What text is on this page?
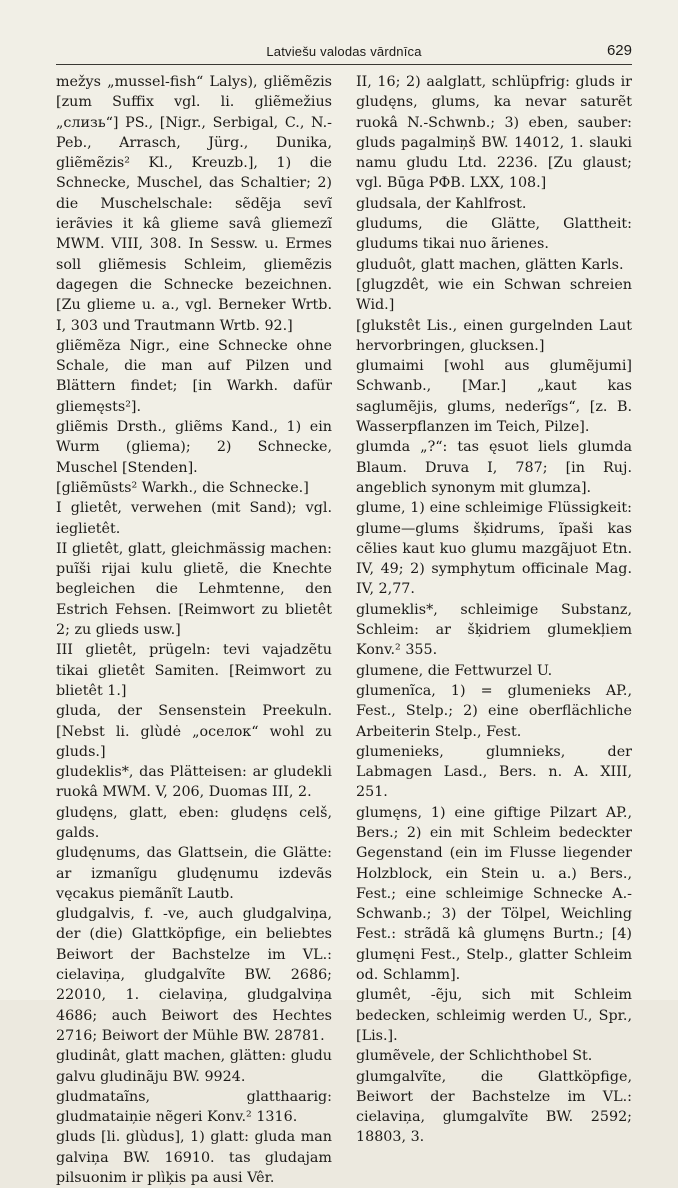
Latviešu valodas vārdnīca	629

mežys „mussel-fish“ Lalys), gliẽmẽzis [zum Suffix vgl. li. gliẽmežius „слизь“] PS., [Nigr., Serbigal, C., N.-Peb., Arrasch, Jürg., Dunika, gliẽmẽzis² Kl., Kreuzb.], 1) die Schnecke, Muschel, das Schaltier; 2) die Muschelschale: sẽdẽja sevĩ ierãvies it kâ glieme savâ gliemezĩ MWM. VIII, 308. In Sessw. u. Ermes soll gliẽmesis Schleim, gliemẽzis dagegen die Schnecke bezeichnen. [Zu glieme u. a., vgl. Berneker Wrtb. I, 303 und Trautmann Wrtb. 92.]

gliẽmẽza Nigr., eine Schnecke ohne Schale, die man auf Pilzen und Blättern findet; [in Warkh. dafür gliemęsts²].

gliẽmis Drsth., gliẽms Kand., 1) ein Wurm (gliema); 2) Schnecke, Muschel [Stenden].

[gliẽmũsts² Warkh., die Schnecke.]

I glietêt, verwehen (mit Sand); vgl. ieglietêt.

II glietêt, glatt, gleichmässig machen: puĩši rijai kulu glietẽ, die Knechte begleichen die Lehmtenne, den Estrich Fehsen. [Reimwort zu blietêt 2; zu glieds usw.]

III glietêt, prügeln: tevi vajadzẽtu tikai glietêt Samiten. [Reimwort zu blietêt 1.]

gluda, der Sensenstein Preekuln. [Nebst li. glùdė „оселок“ wohl zu gluds.]

gludeklis*, das Plätteisen: ar gludekli ruokâ MWM. V, 206, Duomas III, 2.

gludęns, glatt, eben: gludęns celš, galds.

gludęnums, das Glattsein, die Glätte: ar izmanĩgu gludęnumu izdevãs vęcakus piemãnĩt Lautb.

gludgalvis, f. -ve, auch gludgalviņa, der (die) Glattköpfige, ein beliebtes Beiwort der Bachstelze im VL.: cielaviņa, gludgalvĩte BW. 2686; 22010, 1. cielaviņa, gludgalviņa 4686; auch Beiwort des Hechtes 2716; Beiwort der Mühle BW. 28781.

gludinât, glatt machen, glätten: gludu galvu gludinãju BW. 9924.

gludmataĩns, glatthaarig: gludmataiņie nẽgeri Konv.² 1316.

gluds [li. glùdus], 1) glatt: gluda man galviņa BW. 16910. tas gludajam pilsuonim ir plìķis pa ausi Vêr.

II, 16; 2) aalglatt, schlüpfrig: gluds ir gludęns, glums, ka nevar saturẽt ruokâ N.-Schwnb.; 3) eben, sauber: gluds pagalmiņš BW. 14012, 1. slauki namu gludu Ltd. 2236. [Zu glaust; vgl. Būga РФВ. LXX, 108.]

gludsala, der Kahlfrost.

gludums, die Glätte, Glattheit: gludums tikai nuo ãrienes.

gluduôt, glatt machen, glätten Karls.

[glugzdêt, wie ein Schwan schreien Wid.]

[glukstêt Lis., einen gurgelnden Laut hervorbringen, glucksen.]

glumaimi [wohl aus glumẽjumi] Schwanb., [Mar.] „kaut kas saglumẽjis, glums, nederĩgs“, [z. B. Wasserpflanzen im Teich, Pilze].

glumda „?“: tas ęsuot liels glumda Blaum. Druva I, 787; [in Ruj. angeblich synonym mit glumza].

glume, 1) eine schleimige Flüssigkeit: glume—glums šķidrums, ĩpaši kas cẽlies kaut kuo glumu mazgãjuot Etn. IV, 49; 2) symphytum officinale Mag. IV, 2,77.

glumeklis*, schleimige Substanz, Schleim: ar šķidriem glumekļiem Konv.² 355.

glumene, die Fettwurzel U.

glumenĩca, 1) = glumenieks AP., Fest., Stelp.; 2) eine oberflächliche Arbeiterin Stelp., Fest.

glumenieks, glumnieks, der Labmagen Lasd., Bers. n. A. XIII, 251.

glumęns, 1) eine giftige Pilzart AP., Bers.; 2) ein mit Schleim bedeckter Gegenstand (ein im Flusse liegender Holzblock, ein Stein u. a.) Bers., Fest.; eine schleimige Schnecke A.-Schwanb.; 3) der Tölpel, Weichling Fest.: strãdã kâ glumęns Burtn.; [4) glumęni Fest., Stelp., glatter Schleim od. Schlamm].

glumêt, -ẽju, sich mit Schleim bedecken, schleimig werden U., Spr., [Lis.].

glumẽvele, der Schlichthobel St.

glumgalvĩte, die Glattköpfige, Beiwort der Bachstelze im VL.: cielaviņa, glumgalvĩte BW. 2592; 18803, 3.
